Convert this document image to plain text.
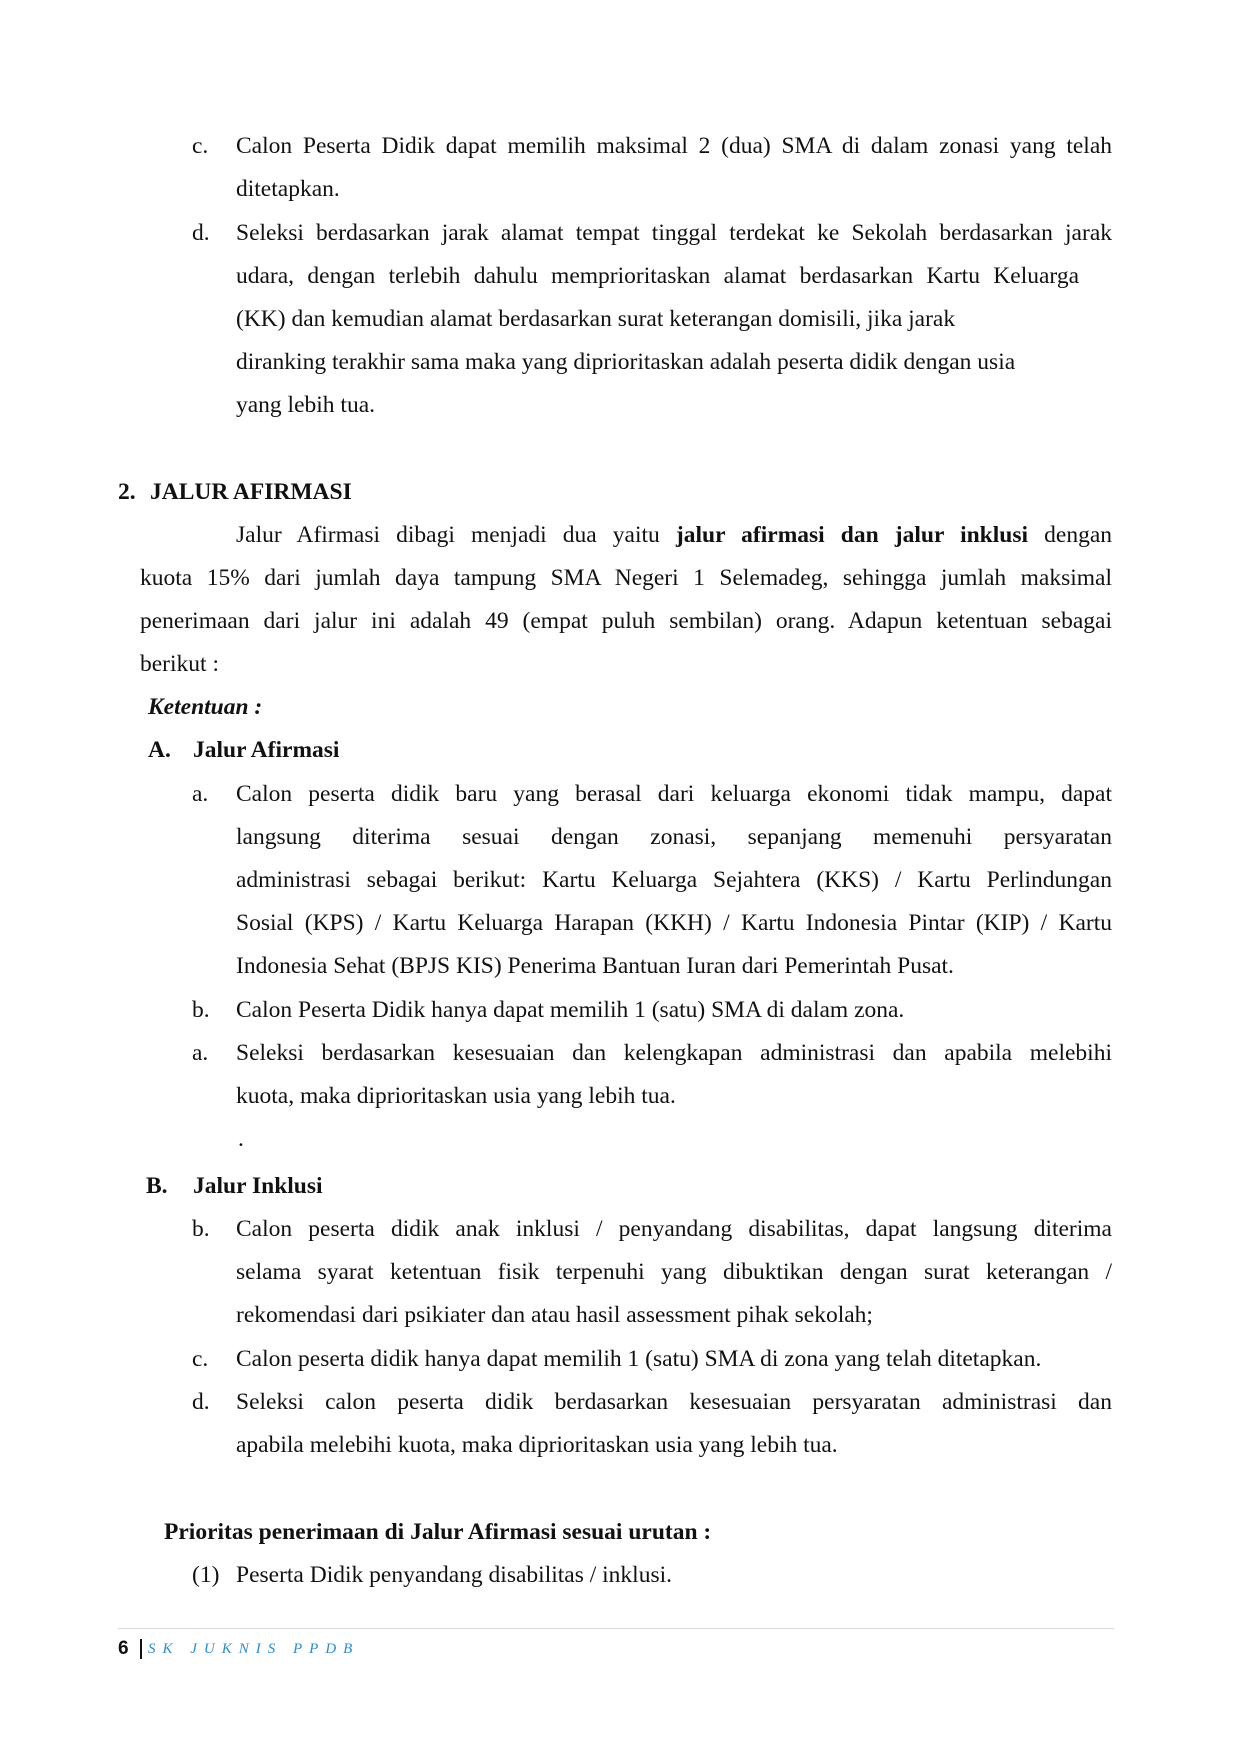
c. Calon Peserta Didik dapat memilih maksimal 2 (dua) SMA di dalam zonasi yang telah
ditetapkan.
d. Seleksi berdasarkan jarak alamat tempat tinggal terdekat ke Sekolah berdasarkan jarak
udara, dengan terlebih dahulu memprioritaskan alamat berdasarkan Kartu Keluarga
(KK) dan kemudian alamat berdasarkan surat keterangan domisili, jika jarak
diranking terakhir sama maka yang diprioritaskan adalah peserta didik dengan usia
yang lebih tua.
2. JALUR AFIRMASI
Jalur Afirmasi dibagi menjadi dua yaitu jalur afirmasi dan jalur inklusi dengan
kuota 15% dari jumlah daya tampung SMA Negeri 1 Selemadeg, sehingga jumlah maksimal
penerimaan dari jalur ini adalah 49 (empat puluh sembilan) orang. Adapun ketentuan sebagai
berikut :
Ketentuan :
A. Jalur Afirmasi
a. Calon peserta didik baru yang berasal dari keluarga ekonomi tidak mampu, dapat
langsung diterima sesuai dengan zonasi, sepanjang memenuhi persyaratan
administrasi sebagai berikut: Kartu Keluarga Sejahtera (KKS) / Kartu Perlindungan
Sosial (KPS) / Kartu Keluarga Harapan (KKH) / Kartu Indonesia Pintar (KIP) / Kartu
Indonesia Sehat (BPJS KIS) Penerima Bantuan Iuran dari Pemerintah Pusat.
b. Calon Peserta Didik hanya dapat memilih 1 (satu) SMA di dalam zona.
a. Seleksi berdasarkan kesesuaian dan kelengkapan administrasi dan apabila melebihi
kuota, maka diprioritaskan usia yang lebih tua.
.
B. Jalur Inklusi
b. Calon peserta didik anak inklusi / penyandang disabilitas, dapat langsung diterima
selama syarat ketentuan fisik terpenuhi yang dibuktikan dengan surat keterangan /
rekomendasi dari psikiater dan atau hasil assessment pihak sekolah;
c. Calon peserta didik hanya dapat memilih 1 (satu) SMA di zona yang telah ditetapkan.
d. Seleksi calon peserta didik berdasarkan kesesuaian persyaratan administrasi dan
apabila melebihi kuota, maka diprioritaskan usia yang lebih tua.
Prioritas penerimaan di Jalur Afirmasi sesuai urutan :
(1) Peserta Didik penyandang disabilitas / inklusi.
6 SK JUKNIS PPDB
